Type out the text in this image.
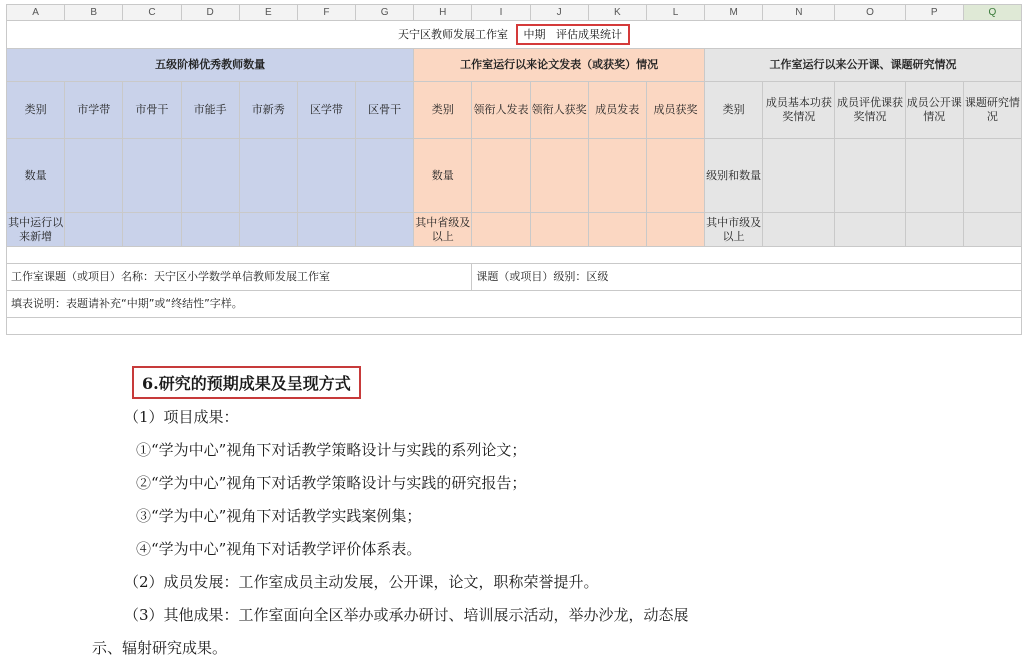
A	B	C	D	E	F	G	H	I	J	K	L	M	N	O	P	Q
天宁区教师发展工作室 中期 评估成果统计																
五级阶梯优秀教师数量							工作室运行以来论文发表（或获奖）情况					工作室运行以来公开课、课题研究情况				
类别	市学带	市骨干	市能手	市新秀	区学带	区骨干	类别	领衔人发表	领衔人获奖	成员发表	成员获奖	类别	成员基本功获奖情况	成员评优课获奖情况	成员公开课情况	课题研究情况
数量							数量					级别和数量				
其中运行以来新增							其中省级及以上					其中市级及以上				

工作室课题（或项目）名称：天宁区小学数学单信教师发展工作室								课题（或项目）级别：区级								
填表说明：表题请补充“中期”或“终结性”字样。																

6.研究的预期成果及呈现方式
（1）项目成果：
①“学为中心”视角下对话教学策略设计与实践的系列论文；
②“学为中心”视角下对话教学策略设计与实践的研究报告；
③“学为中心”视角下对话教学实践案例集；
④“学为中心”视角下对话教学评价体系表。
（2）成员发展：工作室成员主动发展，公开课，论文，职称荣誉提升。
（3）其他成果：工作室面向全区举办或承办研讨、培训展示活动，举办沙龙，动态展
示、辐射研究成果。
